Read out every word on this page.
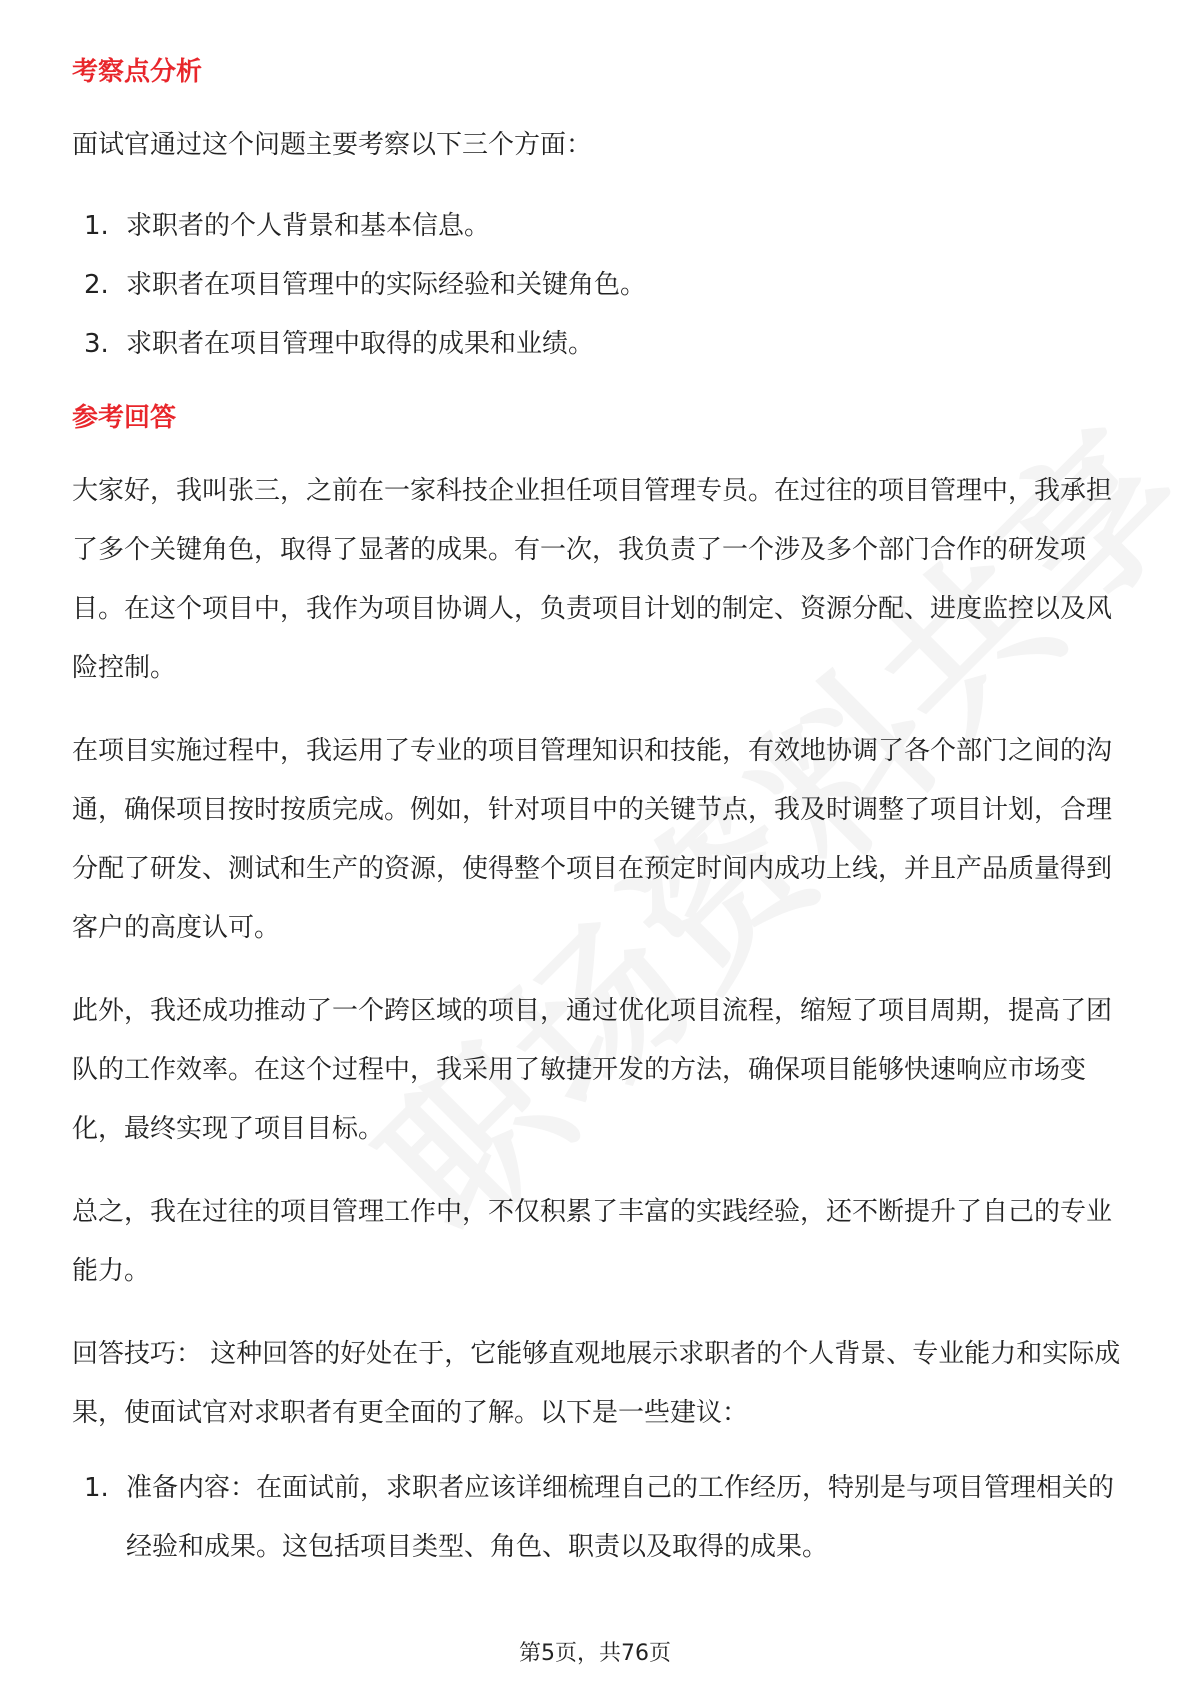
考察点分析

面试官通过这个问题主要考察以下三个方面：

1. 求职者的个人背景和基本信息。
2. 求职者在项目管理中的实际经验和关键角色。
3. 求职者在项目管理中取得的成果和业绩。
参考回答

大家好，我叫张三，之前在一家科技企业担任项目管理专员。在过往的项目管理中，我承担了多个关键角色，取得了显著的成果。有一次，我负责了一个涉及多个部门合作的研发项目。在这个项目中，我作为项目协调人，负责项目计划的制定、资源分配、进度监控以及风险控制。

在项目实施过程中，我运用了专业的项目管理知识和技能，有效地协调了各个部门之间的沟通，确保项目按时按质完成。例如，针对项目中的关键节点，我及时调整了项目计划，合理分配了研发、测试和生产的资源，使得整个项目在预定时间内成功上线，并且产品质量得到客户的高度认可。

此外，我还成功推动了一个跨区域的项目，通过优化项目流程，缩短了项目周期，提高了团队的工作效率。在这个过程中，我采用了敏捷开发的方法，确保项目能够快速响应市场变化，最终实现了项目目标。

总之，我在过往的项目管理工作中，不仅积累了丰富的实践经验，还不断提升了自己的专业能力。

回答技巧： 这种回答的好处在于，它能够直观地展示求职者的个人背景、专业能力和实际成果，使面试官对求职者有更全面的了解。以下是一些建议：

1. 准备内容：在面试前，求职者应该详细梳理自己的工作经历，特别是与项目管理相关的经验和成果。这包括项目类型、角色、职责以及取得的成果。
第5页，共76页
